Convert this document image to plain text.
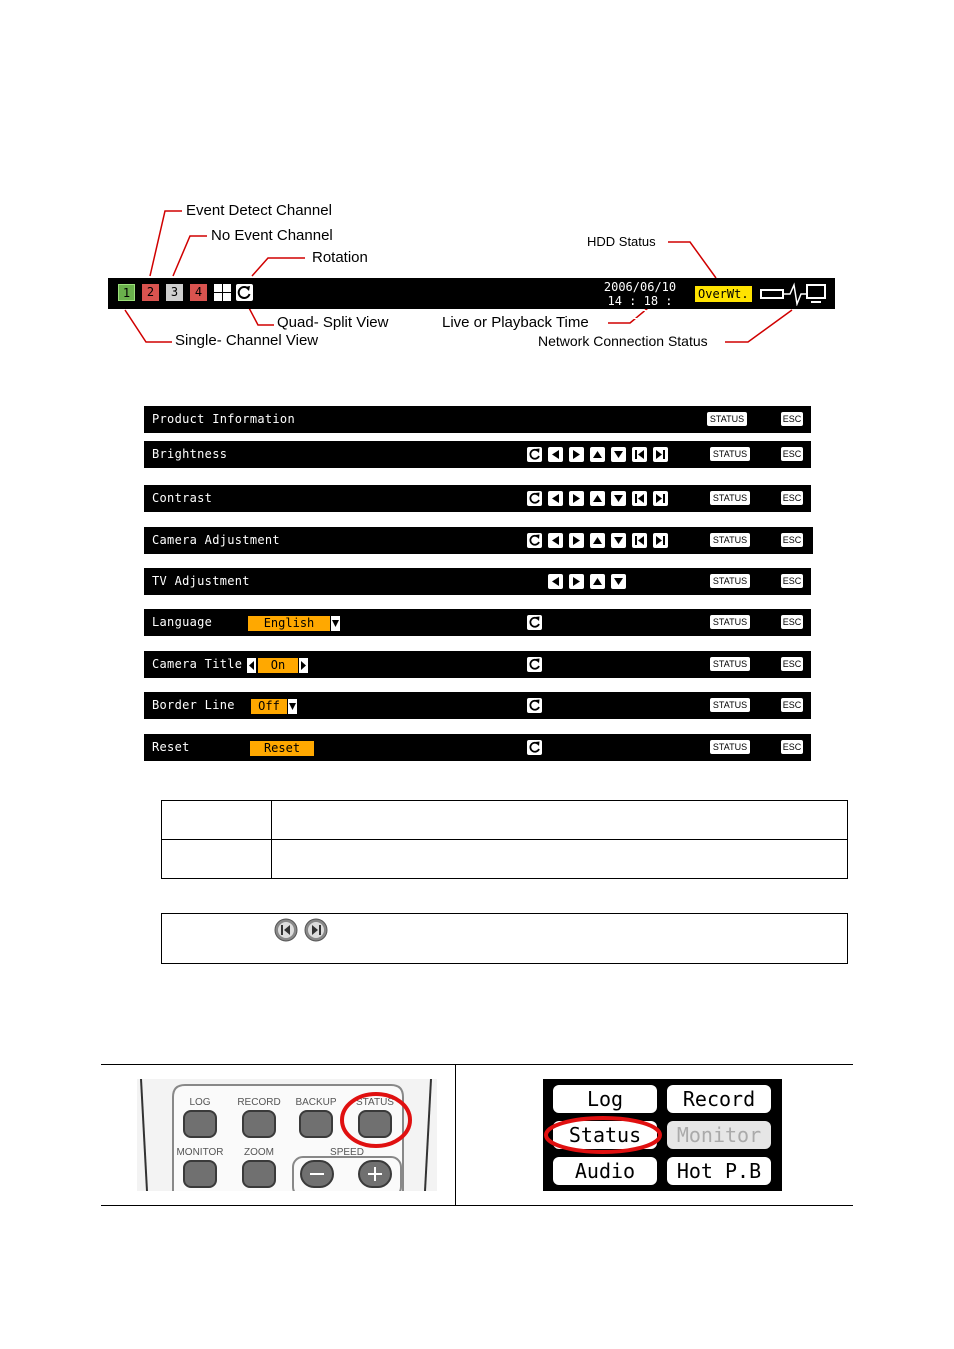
Event Detect Channel
No Event Channel
Rotation
HDD Status
Quad- Split View
Single- Channel View
Live or Playback Time
Network Connection Status
1	2	3	4	2006/06/10
14 : 18 : 27
OverWt.
Product Information	STATUS	ESC
Brightness	STATUS	ESC
Contrast	STATUS	ESC
Camera Adjustment	STATUS	ESC
TV Adjustment	STATUS	ESC
Language	English	STATUS	ESC
Camera Title	On	STATUS	ESC
Border Line	Off	STATUS	ESC
Reset	Reset	STATUS	ESC
LOG	RECORD	BACKUP	STATUS
MONITOR	ZOOM	SPEED
Log	Record
Status	Monitor
Audio	Hot P.B
